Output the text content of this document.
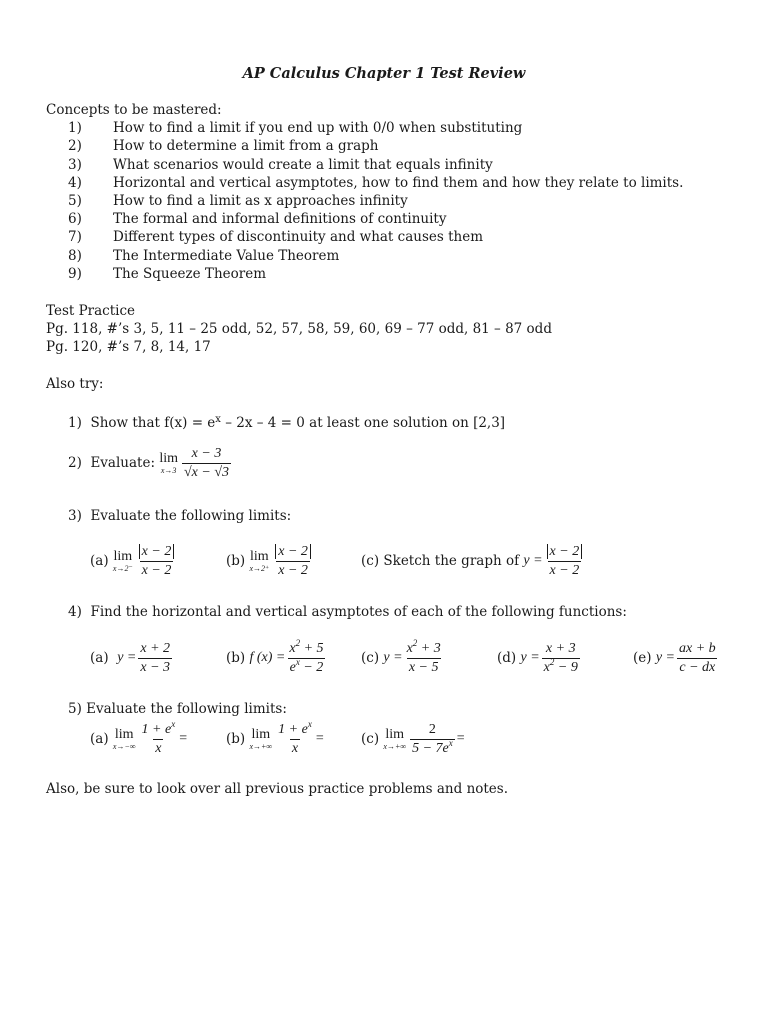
AP Calculus Chapter 1 Test Review
Concepts to be mastered:
1)	How to find a limit if you end up with 0/0 when substituting
2)	How to determine a limit from a graph
3)	What scenarios would create a limit that equals infinity
4)	Horizontal and vertical asymptotes, how to find them and how they relate to limits.
5)	How to find a limit as x approaches infinity
6)	The formal and informal definitions of continuity
7)	Different types of discontinuity and what causes them
8)	The Intermediate Value Theorem
9)	The Squeeze Theorem
Test Practice
Pg. 118, #’s 3, 5, 11 – 25 odd, 52, 57, 58, 59, 60, 69 – 77 odd, 81 – 87 odd
Pg. 120, #’s 7, 8, 14, 17
Also try:
1) Show that $f(x) = e^x - 2x - 4 = 0$ at least one solution on [2,3]
2)
Evaluate:
lim
$x\to 3 \frac{x - 3}{√x - √3}$
3) Evaluate the following limits:
(a)
lim
$x\to 2^- \frac{x - 2}{x - 2}$	(b)
lim
$x\to 2^+ \frac{x - 2}{x - 2}$	(c) Sketch the graph of
$y = \frac{x - 2}{x - 2}$
4) Find the horizontal and vertical asymptotes of each of the following functions:
(a)
$y = \frac{x + 2}{x - 3}$	(b)
f $(x) = \frac{x^2 + 5}{e^x - 2}$	(c)
$y = \frac{x^2 + 3}{x - 5}$	(d)
$y = \frac{x + 3}{x^2 - 9}$	(e)
$y = \frac{ax + b}{c - dx}$
5) Evaluate the following limits:
(a)
lim
$x\to-\infty \frac{1 + e^x}{x}$ =	(b)
lim
$x\to+\infty \frac{1 + e^x}{x}$ =	(c)
lim
$x\to+\infty \frac{2}{5 - 7e^x}$ =
Also, be sure to look over all previous practice problems and notes.
